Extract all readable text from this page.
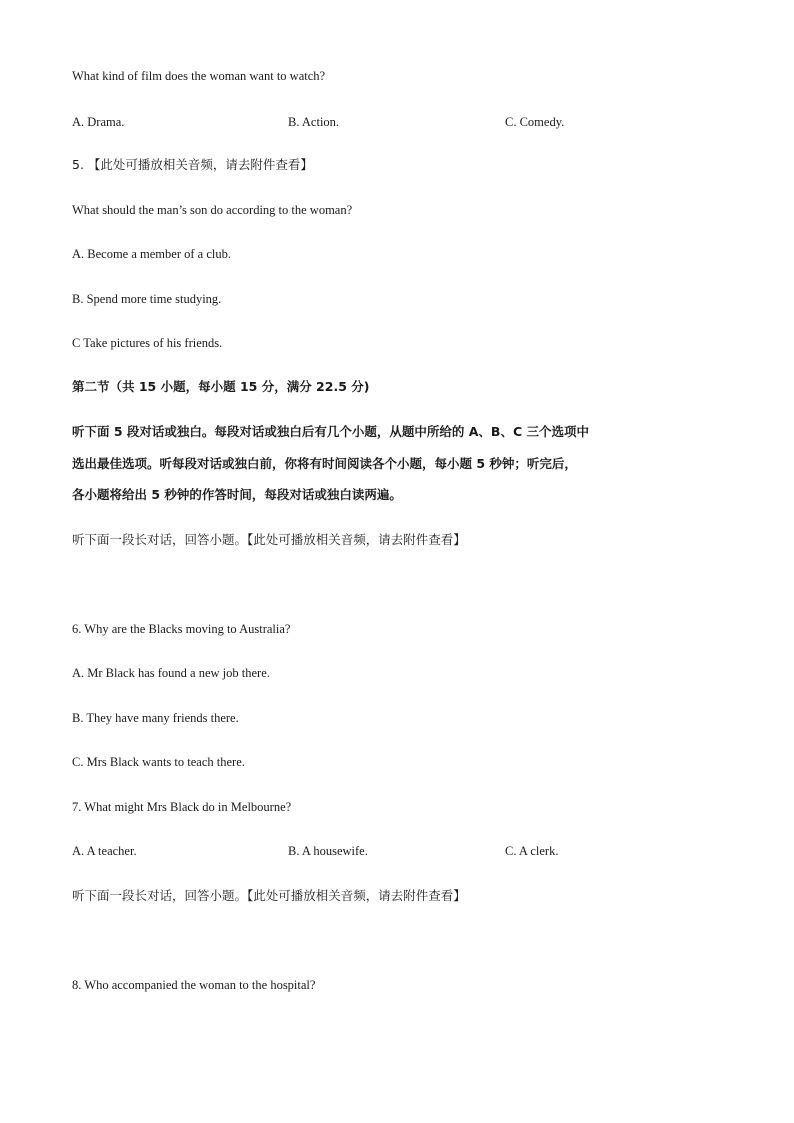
What kind of film does the woman want to watch?
A. Drama.	B. Action.	C. Comedy.
5. 【此处可播放相关音频，请去附件查看】
What should the man’s son do according to the woman?
A. Become a member of a club.
B. Spend more time studying.
C Take pictures of his friends.
第二节（共 15 小题，每小题 15 分，满分 22.5 分)
听下面 5 段对话或独白。每段对话或独白后有几个小题，从题中所给的 A、B、C 三个选项中
选出最佳选项。听每段对话或独白前，你将有时间阅读各个小题，每小题 5 秒钟；听完后，
各小题将给出 5 秒钟的作答时间，每段对话或独白读两遍。
听下面一段长对话，回答小题。【此处可播放相关音频，请去附件查看】
6. Why are the Blacks moving to Australia?
A. Mr Black has found a new job there.
B. They have many friends there.
C. Mrs Black wants to teach there.
7. What might Mrs Black do in Melbourne?
A. A teacher.	B. A housewife.	C. A clerk.
听下面一段长对话，回答小题。【此处可播放相关音频，请去附件查看】
8. Who accompanied the woman to the hospital?
